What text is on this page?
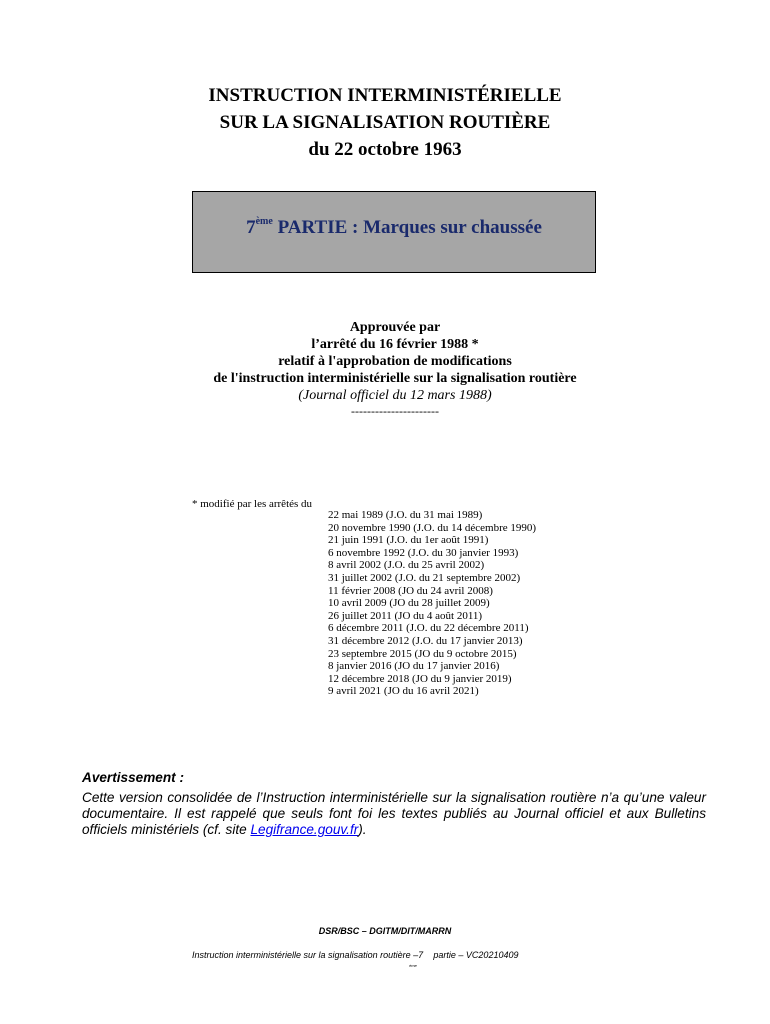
INSTRUCTION INTERMINISTÉRIELLE
SUR LA SIGNALISATION ROUTIÈRE
du 22 octobre 1963
7ème PARTIE : Marques sur chaussée
Approuvée par
l’arrêté du 16 février 1988 *
relatif à l'approbation de modifications
de l'instruction interministérielle sur la signalisation routière
(Journal officiel du 12 mars 1988)
----------------------
* modifié par les arrêtés du
22 mai 1989 (J.O. du 31 mai 1989)
20 novembre 1990 (J.O. du 14 décembre 1990)
21 juin 1991 (J.O. du 1er août 1991)
6 novembre 1992 (J.O. du 30 janvier 1993)
8 avril 2002 (J.O. du 25 avril 2002)
31 juillet 2002 (J.O. du 21 septembre 2002)
11 février 2008 (JO du 24 avril 2008)
10 avril 2009 (JO du 28 juillet 2009)
26 juillet 2011 (JO du 4 août 2011)
6 décembre 2011 (J.O. du 22 décembre 2011)
31 décembre 2012 (J.O. du 17 janvier 2013)
23 septembre 2015 (JO du 9 octobre 2015)
8 janvier 2016 (JO du 17 janvier 2016)
12 décembre 2018 (JO du 9 janvier 2019)
9 avril 2021 (JO du 16 avril 2021)
Avertissement :

Cette version consolidée de l’Instruction interministérielle sur la signalisation routière n’a qu’une valeur documentaire. Il est rappelé que seuls font foi les textes publiés au Journal officiel et aux Bulletins officiels ministériels (cf. site Legifrance.gouv.fr).

DSR/BSC – DGITM/DIT/MARRN
Instruction interministérielle sur la signalisation routière $-7_{ème}$ partie – VC20210409
